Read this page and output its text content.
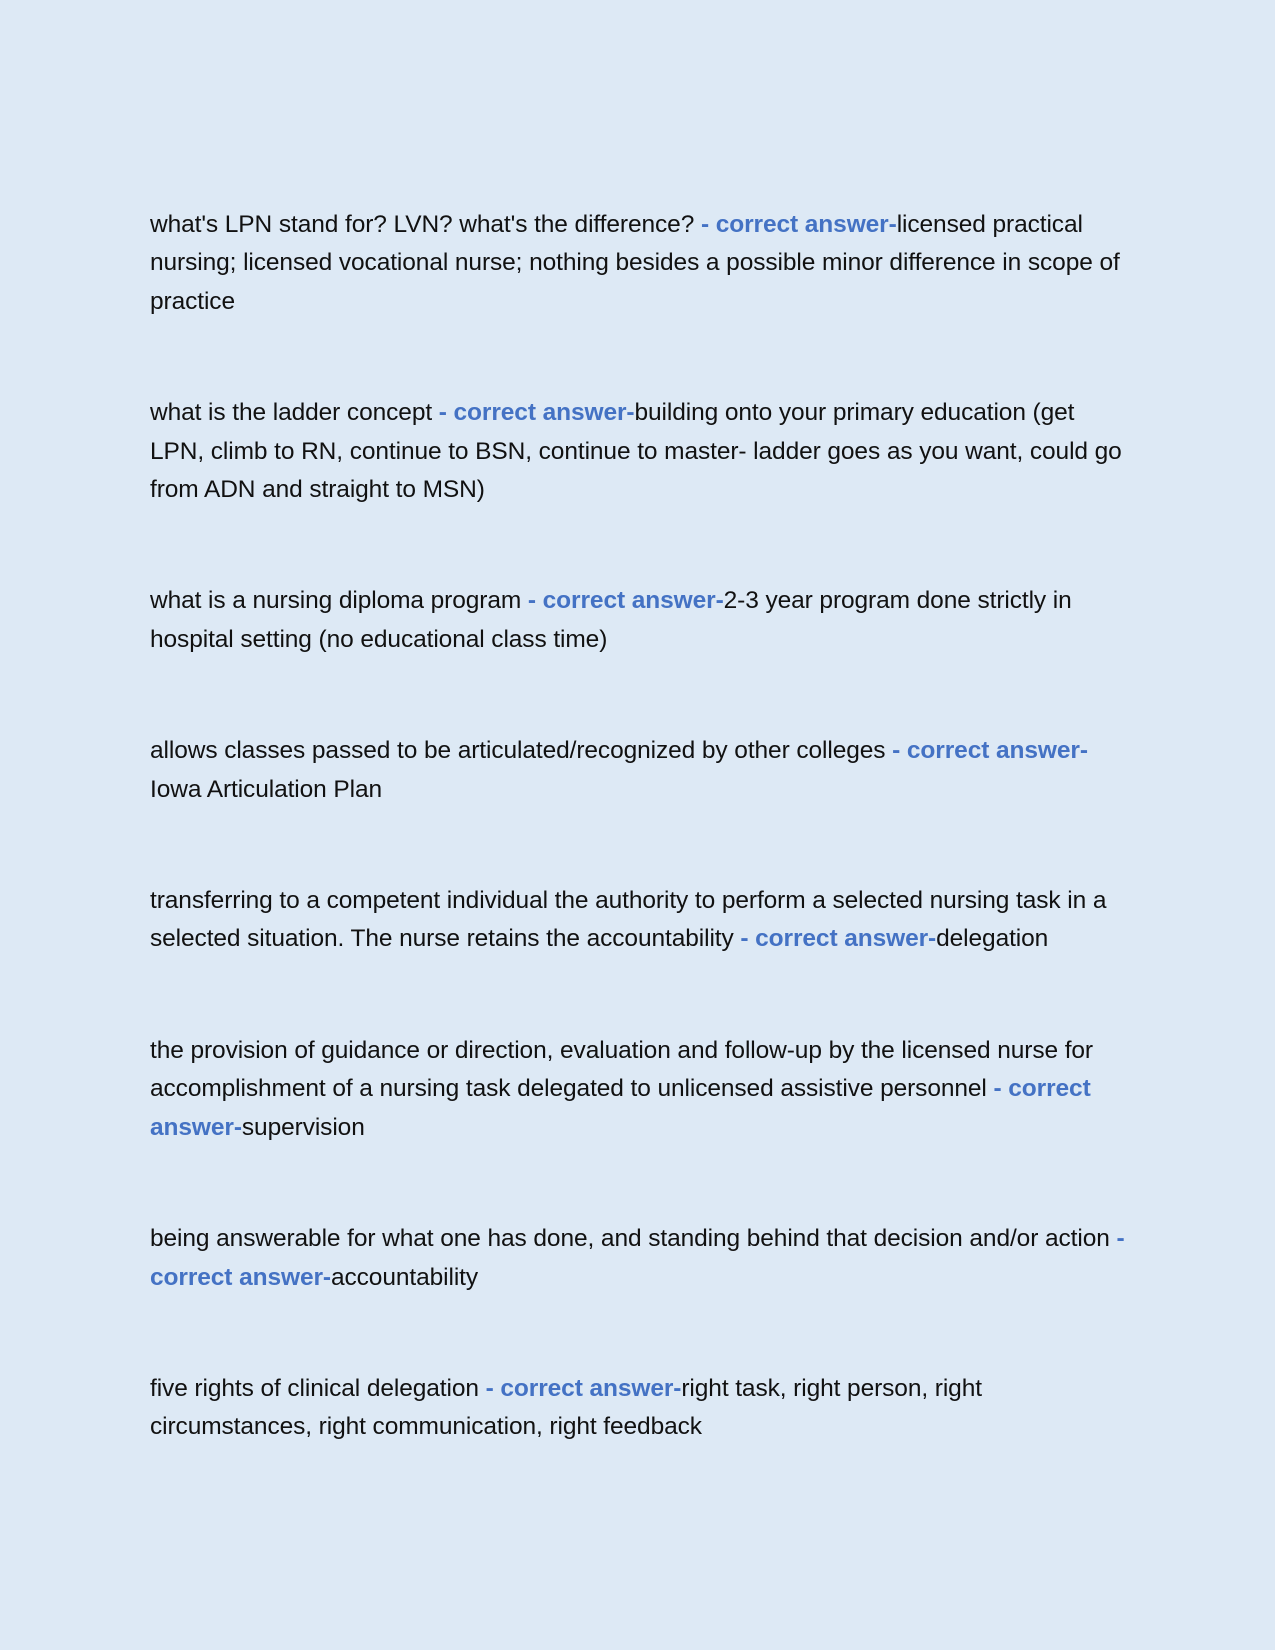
what's LPN stand for? LVN? what's the difference? - correct answer-licensed practical nursing; licensed vocational nurse; nothing besides a possible minor difference in scope of practice

what is the ladder concept - correct answer-building onto your primary education (get LPN, climb to RN, continue to BSN, continue to master- ladder goes as you want, could go from ADN and straight to MSN)

what is a nursing diploma program - correct answer-2-3 year program done strictly in hospital setting (no educational class time)

allows classes passed to be articulated/recognized by other colleges - correct answer-Iowa Articulation Plan

transferring to a competent individual the authority to perform a selected nursing task in a selected situation. The nurse retains the accountability - correct answer-delegation

the provision of guidance or direction, evaluation and follow-up by the licensed nurse for accomplishment of a nursing task delegated to unlicensed assistive personnel - correct answer-supervision

being answerable for what one has done, and standing behind that decision and/or action - correct answer-accountability

five rights of clinical delegation - correct answer-right task, right person, right circumstances, right communication, right feedback
